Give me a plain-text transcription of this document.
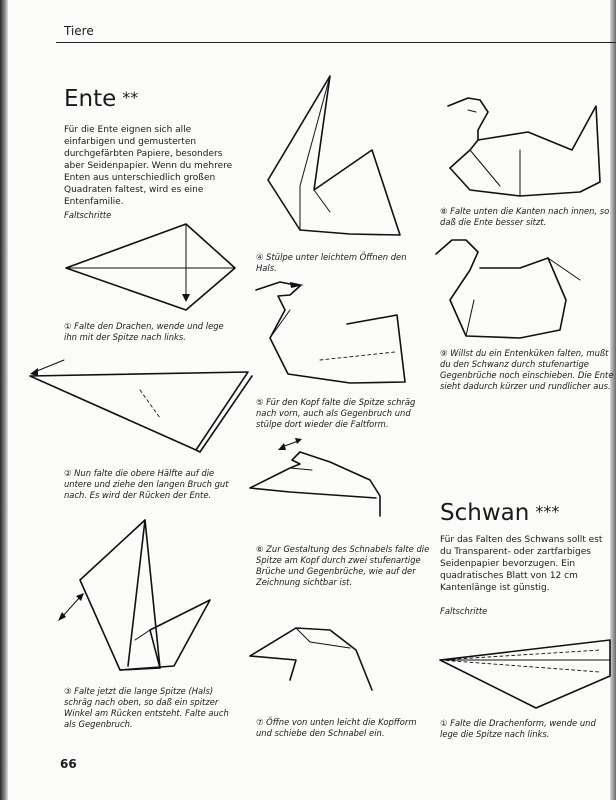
Tiere
Ente **
Für die Ente eignen sich alle einfarbigen und gemusterten durchgefärbten Papiere, besonders aber Seidenpapier. Wenn du mehrere Enten aus unterschiedlich großen Quadraten faltest, wird es eine Entenfamilie.
Faltschritte
① Falte den Drachen, wende und lege ihn mit der Spitze nach links.
② Nun falte die obere Hälfte auf die untere und ziehe den langen Bruch gut nach. Es wird der Rücken der Ente.
③ Falte jetzt die lange Spitze (Hals) schräg nach oben, so daß ein spitzer Winkel am Rücken entsteht. Falte auch als Gegenbruch.
④ Stülpe unter leichtem Öffnen den Hals.
⑤ Für den Kopf falte die Spitze schräg nach vorn, auch als Gegenbruch und stülpe dort wieder die Faltform.
⑥ Zur Gestaltung des Schnabels falte die Spitze am Kopf durch zwei stufenartige Brüche und Gegenbrüche, wie auf der Zeichnung sichtbar ist.
⑦ Öffne von unten leicht die Kopfform und schiebe den Schnabel ein.
⑧ Falte unten die Kanten nach innen, so daß die Ente besser sitzt.
⑨ Willst du ein Entenküken falten, mußt du den Schwanz durch stufenartige Gegenbrüche noch einschieben. Die Ente sieht dadurch kürzer und rundlicher aus.
Schwan ***
Für das Falten des Schwans sollt est du Transparent- oder zartfarbiges Seidenpapier bevorzugen. Ein quadratisches Blatt von 12 cm Kantenlänge ist günstig.
Faltschritte
① Falte die Drachenform, wende und lege die Spitze nach links.
66
